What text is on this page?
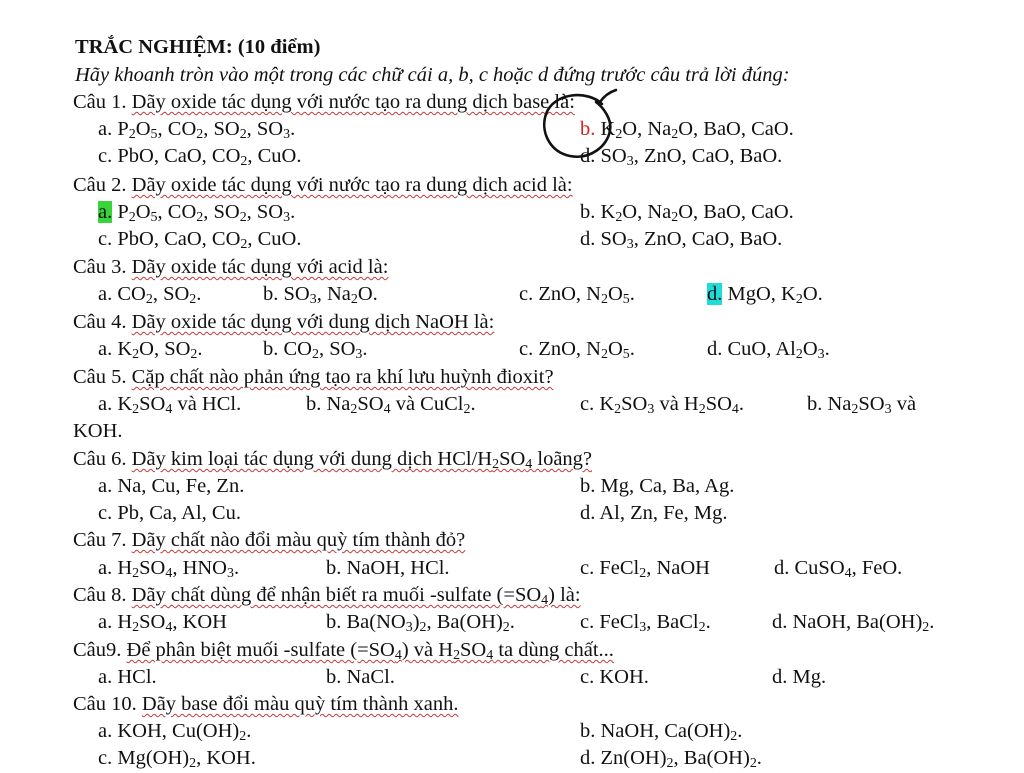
TRẮC NGHIỆM: (10 điểm)
Hãy khoanh tròn vào một trong các chữ cái a, b, c hoặc d đứng trước câu trả lời đúng:
Câu 1. Dãy oxide tác dụng với nước tạo ra dung dịch base là:
a. $P_2O_5$, $CO_2$, $SO_2$, $SO_3$.	b. $K_2O$, $Na_2O$, BaO, CaO.
c. PbO, CaO, $CO_2$, CuO.	d. $SO_3$, ZnO, CaO, BaO.
Câu 2. Dãy oxide tác dụng với nước tạo ra dung dịch acid là:
a. $P_2O_5$, $CO_2$, $SO_2$, $SO_3$.	b. $K_2O$, $Na_2O$, BaO, CaO.
c. PbO, CaO, $CO_2$, CuO.	d. $SO_3$, ZnO, CaO, BaO.
Câu 3. Dãy oxide tác dụng với acid là:
a. $CO_2$, $SO_2$.	b. $SO_3$, $Na_2O$.	c. ZnO, $N_2O_5$.	d. MgO, $K_2O$.
Câu 4. Dãy oxide tác dụng với dung dịch NaOH là:
a. $K_2O$, $SO_2$.	b. $CO_2$, $SO_3$.	c. ZnO, $N_2O_5$.	d. CuO, $Al_2O_3$.
Câu 5. Cặp chất nào phản ứng tạo ra khí lưu huỳnh đioxit?
a. $K_2SO_4$ và HCl.	b. $Na_2SO_4$ và CuCl$_2$.	c. $K_2SO_3$ và $H_2SO_4$.	b. $Na_2SO_3$ và
KOH.
Câu 6. Dãy kim loại tác dụng với dung dịch HCl/$H_2SO_4$ loãng?
a. Na, Cu, Fe, Zn.	b. Mg, Ca, Ba, Ag.
c. Pb, Ca, Al, Cu.	d. Al, Zn, Fe, Mg.
Câu 7. Dãy chất nào đổi màu quỳ tím thành đỏ?
a. $H_2SO_4$, $HNO_3$.	b. NaOH, HCl.	c. FeCl$_2$, NaOH	d. CuSO$_4$, FeO.
Câu 8. Dãy chất dùng để nhận biết ra muối -sulfate $(=SO_4)$ là:
a. $H_2SO_4$, KOH	b. $Ba(NO_3)_2$, $Ba(OH)_2$.	c. FeCl$_3$, BaCl$_2$.	d. NaOH, $Ba(OH)_2$.
Câu9. Để phân biệt muối -sulfate $(=SO_4)$ và $H_2SO_4$ ta dùng chất...
a. HCl.	b. NaCl.	c. KOH.	d. Mg.
Câu 10. Dãy base đổi màu quỳ tím thành xanh.
a. KOH, $Cu(OH)_2$.	b. NaOH, $Ca(OH)_2$.
c. $Mg(OH)_2$, KOH.	d. $Zn(OH)_2$, $Ba(OH)_2$.
